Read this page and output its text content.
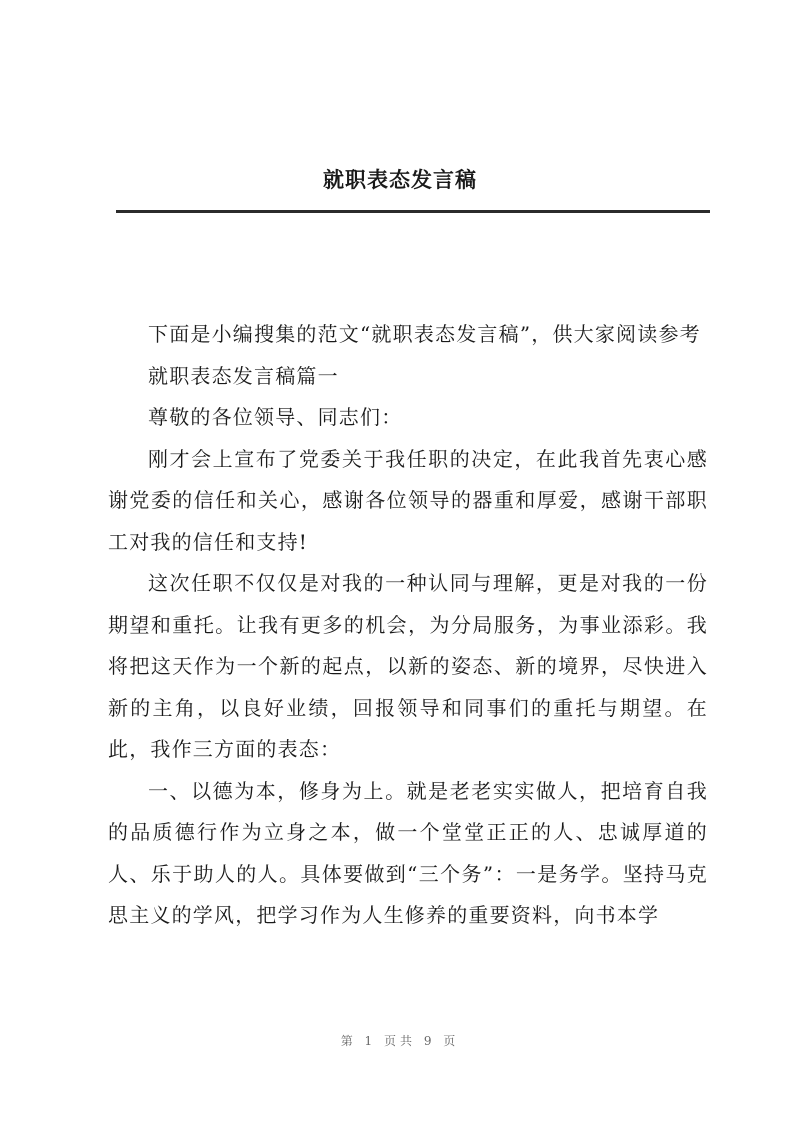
就职表态发言稿

下面是小编搜集的范文“就职表态发言稿”，供大家阅读参考

就职表态发言稿篇一

尊敬的各位领导、同志们：

刚才会上宣布了党委关于我任职的决定，在此我首先衷心感谢党委的信任和关心，感谢各位领导的器重和厚爱，感谢干部职工对我的信任和支持!

这次任职不仅仅是对我的一种认同与理解，更是对我的一份期望和重托。让我有更多的机会，为分局服务，为事业添彩。我将把这天作为一个新的起点，以新的姿态、新的境界，尽快进入新的主角，以良好业绩，回报领导和同事们的重托与期望。在此，我作三方面的表态：

一、以德为本，修身为上。就是老老实实做人，把培育自我的品质德行作为立身之本，做一个堂堂正正的人、忠诚厚道的人、乐于助人的人。具体要做到“三个务”：一是务学。坚持马克思主义的学风，把学习作为人生修养的重要资料，向书本学

第 1 页共 9 页
